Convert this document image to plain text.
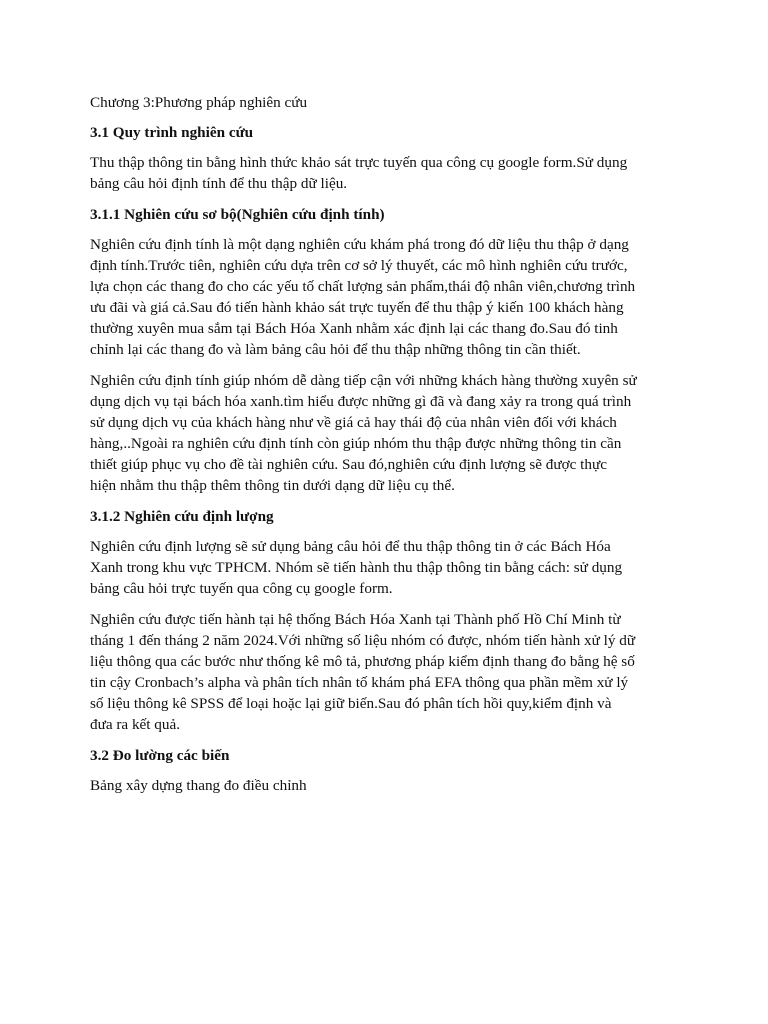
Chương 3:Phương pháp nghiên cứu
3.1 Quy trình nghiên cứu
Thu thập thông tin bằng hình thức khảo sát trực tuyến qua công cụ google form.Sử dụng
bảng câu hỏi định tính để thu thập dữ liệu.
3.1.1 Nghiên cứu sơ bộ(Nghiên cứu định tính)
Nghiên cứu định tính là một dạng nghiên cứu khám phá trong đó dữ liệu thu thập ở dạng
định tính.Trước tiên, nghiên cứu dựa trên cơ sở lý thuyết, các mô hình nghiên cứu trước,
lựa chọn các thang đo cho các yếu tố chất lượng sản phẩm,thái độ nhân viên,chương trình
ưu đãi và giá cả.Sau đó tiến hành khảo sát trực tuyến để thu thập ý kiến 100 khách hàng
thường xuyên mua sắm tại Bách Hóa Xanh nhằm xác định lại các thang đo.Sau đó tinh
chỉnh lại các thang đo và làm bảng câu hỏi để thu thập những thông tin cần thiết.
Nghiên cứu định tính giúp nhóm dễ dàng tiếp cận với những khách hàng thường xuyên sử
dụng dịch vụ tại bách hóa xanh.tìm hiểu được những gì đã và đang xảy ra trong quá trình
sử dụng dịch vụ của khách hàng như về giá cả hay thái độ của nhân viên đối với khách
hàng,..Ngoài ra nghiên cứu định tính còn giúp nhóm thu thập được những thông tin cần
thiết giúp phục vụ cho đề tài nghiên cứu. Sau đó,nghiên cứu định lượng sẽ được thực
hiện nhằm thu thập thêm thông tin dưới dạng dữ liệu cụ thể.
3.1.2 Nghiên cứu định lượng
Nghiên cứu định lượng sẽ sử dụng bảng câu hỏi để thu thập thông tin ở các Bách Hóa
Xanh trong khu vực TPHCM. Nhóm sẽ tiến hành thu thập thông tin bằng cách: sử dụng
bảng câu hỏi trực tuyến qua công cụ google form.
Nghiên cứu được tiến hành tại hệ thống Bách Hóa Xanh tại Thành phố Hồ Chí Minh từ
tháng 1 đến tháng 2 năm 2024.Với những số liệu nhóm có được, nhóm tiến hành xử lý dữ
liệu thông qua các bước như thống kê mô tả, phương pháp kiểm định thang đo bằng hệ số
tin cậy Cronbach’s alpha và phân tích nhân tố khám phá EFA thông qua phần mềm xử lý
số liệu thông kê SPSS để loại hoặc lại giữ biến.Sau đó phân tích hồi quy,kiểm định và
đưa ra kết quả.
3.2 Đo lường các biến
Bảng xây dựng thang đo điều chỉnh
